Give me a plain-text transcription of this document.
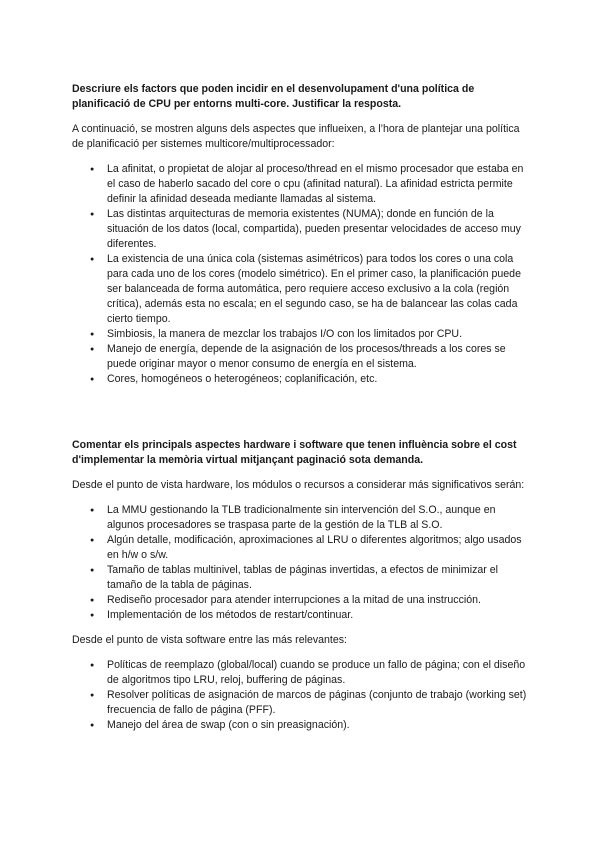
Descriure els factors que poden incidir en el desenvolupament d'una política de planificació de CPU per entorns multi-core. Justificar la resposta.

A continuació, se mostren alguns dels aspectes que influeixen, a l’hora de plantejar una política de planificació per sistemes multicore/multiprocessador:

● La afinitat, o propietat de alojar al proceso/thread en el mismo procesador que estaba en el caso de haberlo sacado del core o cpu (afinitad natural). La afinidad estricta permite definir la afinidad deseada mediante llamadas al sistema.
● Las distintas arquitecturas de memoria existentes (NUMA); donde en función de la situación de los datos (local, compartida), pueden presentar velocidades de acceso muy diferentes.
● La existencia de una única cola (sistemas asimétricos) para todos los cores o una cola para cada uno de los cores (modelo simétrico). En el primer caso, la planificación puede ser balanceada de forma automática, pero requiere acceso exclusivo a la cola (región crítica), además esta no escala; en el segundo caso, se ha de balancear las colas cada cierto tiempo.
● Simbiosis, la manera de mezclar los trabajos I/O con los limitados por CPU.
● Manejo de energía, depende de la asignación de los procesos/threads a los cores se puede originar mayor o menor consumo de energía en el sistema.
● Cores, homogéneos o heterogéneos; coplanificación, etc.

Comentar els principals aspectes hardware i software que tenen influència sobre el cost d'implementar la memòria virtual mitjançant paginació sota demanda.

Desde el punto de vista hardware, los módulos o recursos a considerar más significativos serán:

● La MMU gestionando la TLB tradicionalmente sin intervención del S.O., aunque en algunos procesadores se traspasa parte de la gestión de la TLB al S.O.
● Algún detalle, modificación, aproximaciones al LRU o diferentes algoritmos; algo usados en h/w o s/w.
● Tamaño de tablas multinivel, tablas de páginas invertidas, a efectos de minimizar el tamaño de la tabla de páginas.
● Rediseño procesador para atender interrupciones a la mitad de una instrucción.
● Implementación de los métodos de restart/continuar.

Desde el punto de vista software entre las más relevantes:

● Políticas de reemplazo (global/local) cuando se produce un fallo de página; con el diseño de algoritmos tipo LRU, reloj, buffering de páginas.
● Resolver políticas de asignación de marcos de páginas (conjunto de trabajo (working set) frecuencia de fallo de página (PFF).
● Manejo del área de swap (con o sin preasignación).
